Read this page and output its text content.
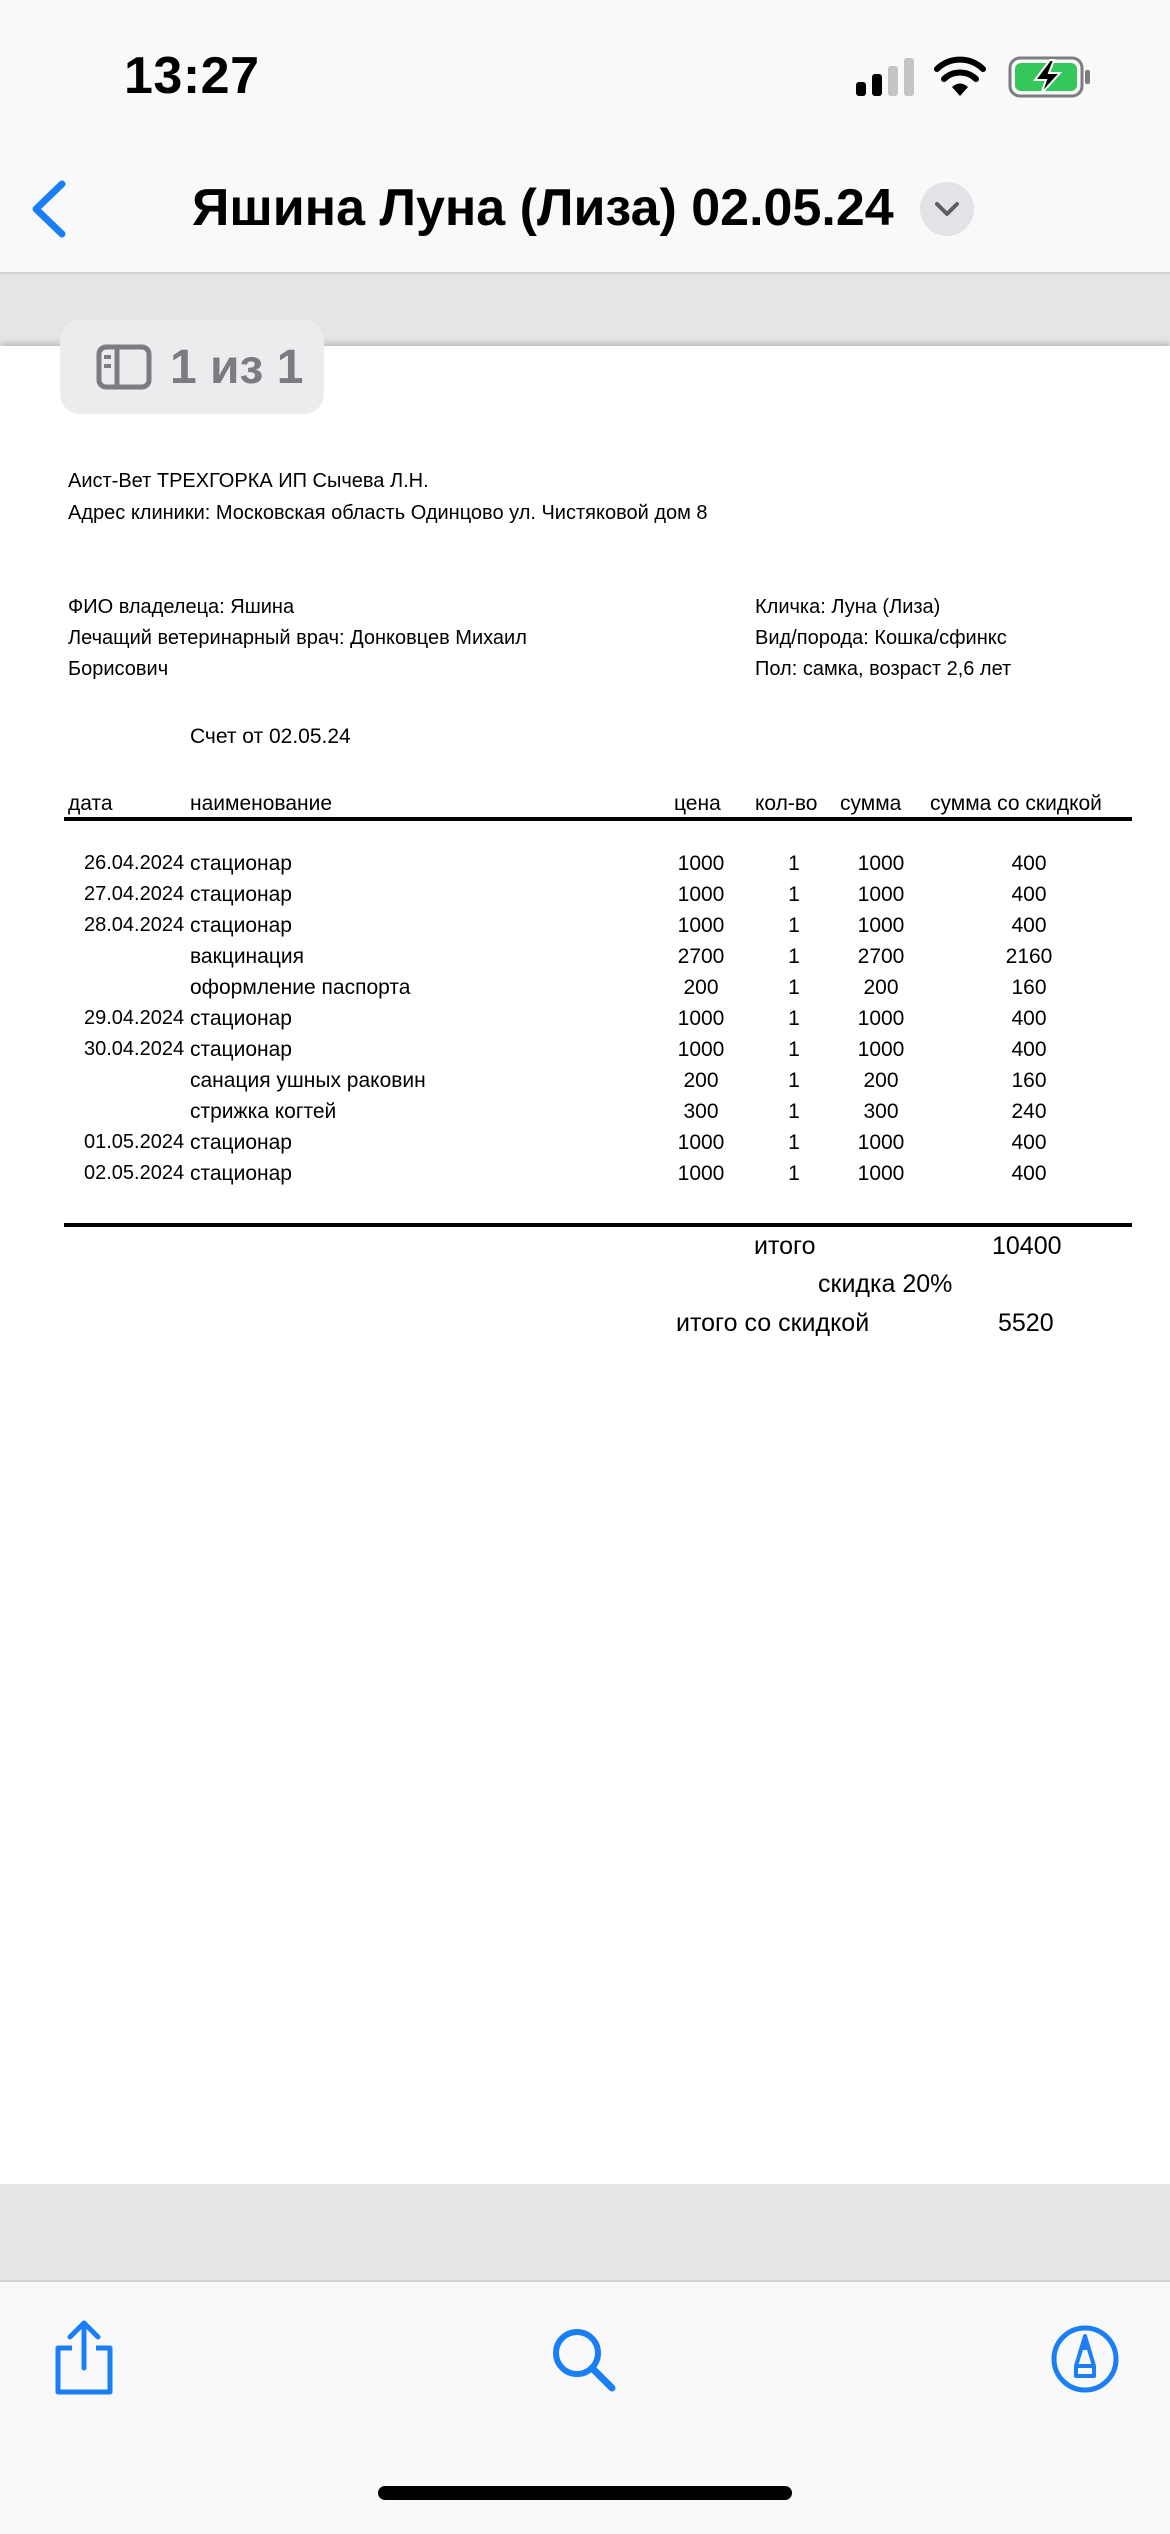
13:27
Яшина Луна (Лиза) 02.05.24
1 из 1
Аист-Вет ТРЕХГОРКА ИП Сычева Л.Н.
Адрес клиники: Московская область Одинцово ул. Чистяковой дом 8
ФИО владелеца: Яшина
Лечащий ветеринарный врач: Донковцев Михаил
Борисович
Кличка: Луна (Лиза)
Вид/порода: Кошка/сфинкс
Пол: самка, возраст 2,6 лет
Счет от 02.05.24
дата	наименование	цена кол-во сумма сумма со скидкой
26.04.2024 стационар	1000	1	1000	400
27.04.2024 стационар	1000	1	1000	400
28.04.2024 стационар	1000	1	1000	400
вакцинация	2700	1	2700	2160
оформление паспорта	200	1	200	160
29.04.2024 стационар	1000	1	1000	400
30.04.2024 стационар	1000	1	1000	400
санация ушных раковин	200	1	200	160
стрижка когтей	300	1	300	240
01.05.2024 стационар	1000	1	1000	400
02.05.2024 стационар	1000	1	1000	400
итого	10400
скидка 20%
итого со скидкой	5520
